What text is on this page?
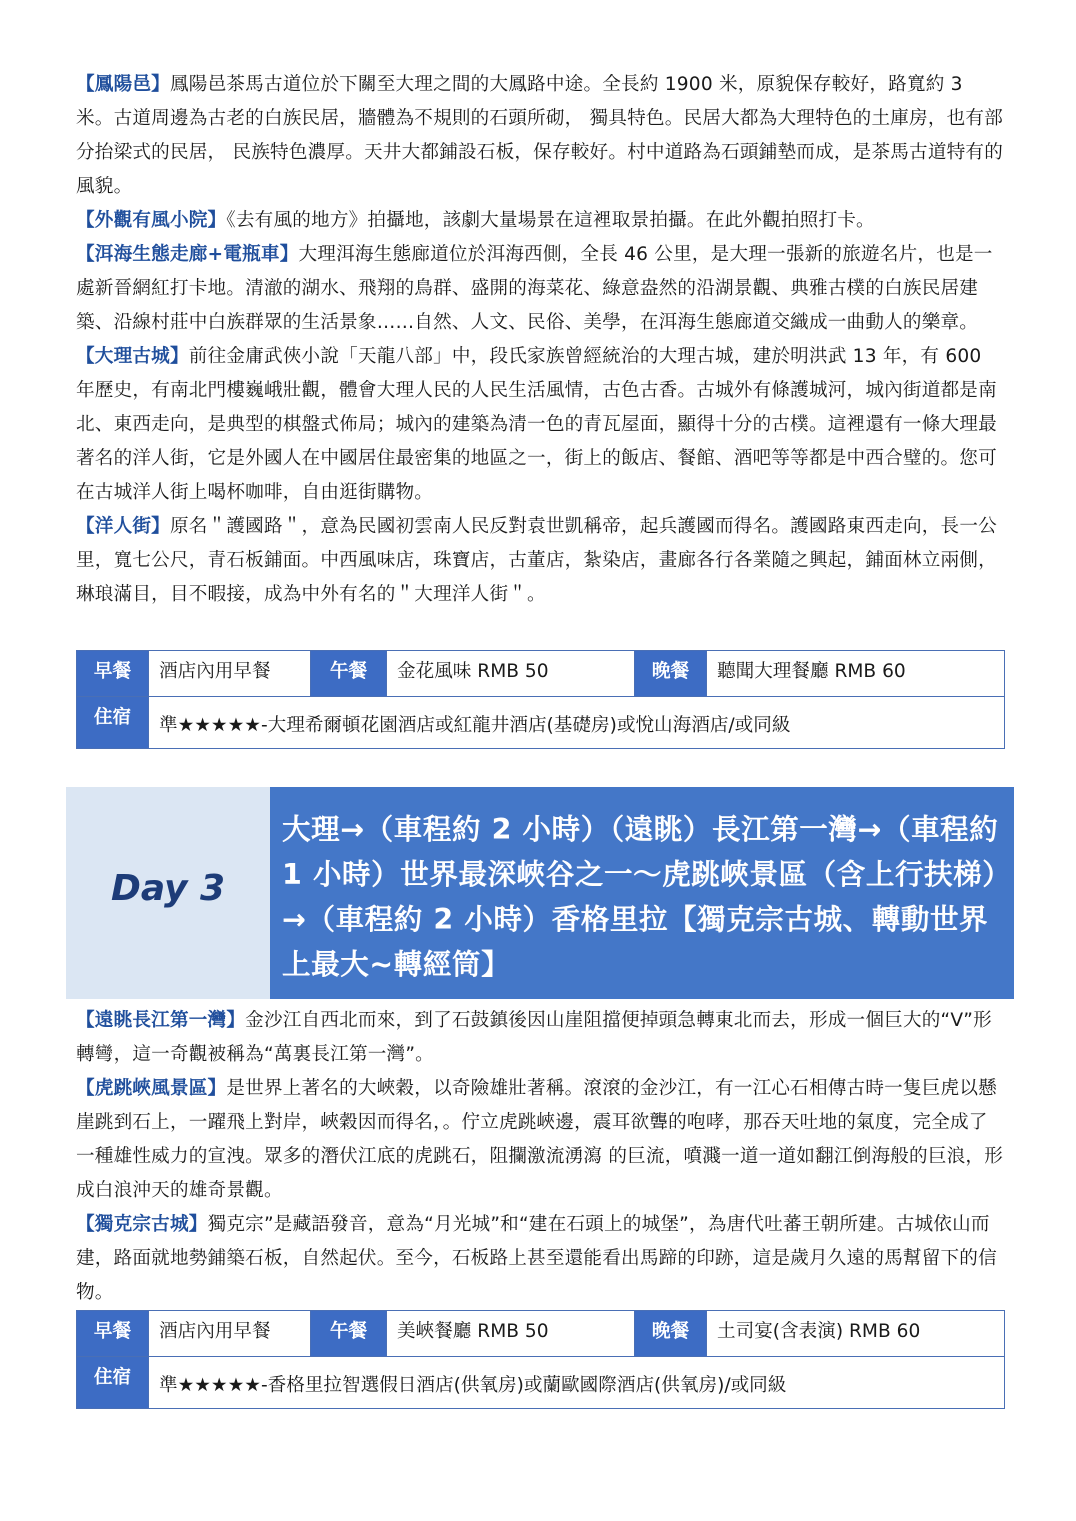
【鳳陽邑】鳳陽邑茶馬古道位於下關至大理之間的大鳳路中途。全長約 1900 米，原貌保存較好，路寬約 3 米。古道周邊為古老的白族民居，牆體為不規則的石頭所砌， 獨具特色。民居大都為大理特色的土庫房，也有部分抬梁式的民居， 民族特色濃厚。天井大都鋪設石板，保存較好。村中道路為石頭鋪墊而成，是茶馬古道特有的風貌。

【外觀有風小院】《去有風的地方》拍攝地，該劇大量場景在這裡取景拍攝。在此外觀拍照打卡。

【洱海生態走廊+電瓶車】大理洱海生態廊道位於洱海西側，全長 46 公里，是大理一張新的旅遊名片，也是一處新晉網紅打卡地。清澈的湖水、飛翔的鳥群、盛開的海菜花、綠意盎然的沿湖景觀、典雅古樸的白族民居建築、沿線村莊中白族群眾的生活景象……自然、人文、民俗、美學，在洱海生態廊道交織成一曲動人的樂章。

【大理古城】前往金庸武俠小說「天龍八部」中，段氏家族曾經統治的大理古城，建於明洪武 13 年，有 600 年歷史，有南北門樓巍峨壯觀，體會大理人民的人民生活風情，古色古香。古城外有條護城河，城內街道都是南北、東西走向，是典型的棋盤式佈局；城內的建築為清一色的青瓦屋面，顯得十分的古樸。這裡還有一條大理最著名的洋人街，它是外國人在中國居住最密集的地區之一，街上的飯店、餐館、酒吧等等都是中西合璧的。您可在古城洋人街上喝杯咖啡，自由逛街購物。

【洋人街】原名＂護國路＂，意為民國初雲南人民反對袁世凱稱帝，起兵護國而得名。護國路東西走向，長一公里，寬七公尺，青石板鋪面。中西風味店，珠寶店，古董店，紮染店，畫廊各行各業隨之興起，鋪面林立兩側，琳琅滿目，目不暇接，成為中外有名的＂大理洋人街＂。

早餐	酒店內用早餐	午餐	金花風味 RMB 50	晚餐	聽聞大理餐廳 RMB 60
住宿	準★★★★★-大理希爾頓花園酒店或紅龍井酒店(基礎房)或悅山海酒店/或同級				
Day 3
大理→（車程約 2 小時）（遠眺）長江第一灣→（車程約 1 小時）世界最深峽谷之一～虎跳峽景區（含上行扶梯）→（車程約 2 小時）香格里拉【獨克宗古城、轉動世界上最大~轉經筒】

【遠眺長江第一灣】金沙江自西北而來，到了石鼓鎮後因山崖阻擋便掉頭急轉東北而去，形成一個巨大的“V”形轉彎，這一奇觀被稱為“萬裏長江第一灣”。

【虎跳峽風景區】是世界上著名的大峽穀，以奇險雄壯著稱。滾滾的金沙江，有一江心石相傳古時一隻巨虎以懸崖跳到石上，一躍飛上對岸，峽穀因而得名，。佇立虎跳峽邊，震耳欲聾的咆哮，那吞天吐地的氣度，完全成了一種雄性威力的宣洩。眾多的潛伏江底的虎跳石，阻攔激流湧瀉 的巨流，噴濺一道一道如翻江倒海般的巨浪，形成白浪沖天的雄奇景觀。

【獨克宗古城】獨克宗”是藏語發音，意為“月光城”和“建在石頭上的城堡”，為唐代吐蕃王朝所建。古城依山而建，路面就地勢鋪築石板，自然起伏。至今，石板路上甚至還能看出馬蹄的印跡，這是歲月久遠的馬幫留下的信物。

早餐	酒店內用早餐	午餐	美峽餐廳 RMB 50	晚餐	土司宴(含表演) RMB 60
住宿	準★★★★★-香格里拉智選假日酒店(供氧房)或蘭歐國際酒店(供氧房)/或同級				
